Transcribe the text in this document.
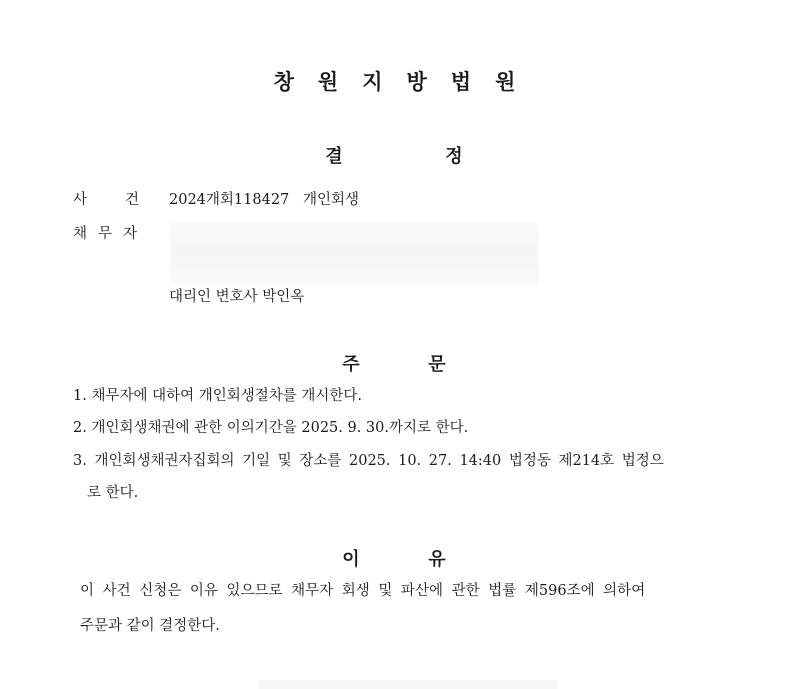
창 원 지 방 법 원
결	정
사	건 2024개회118427 개인회생
채 무 자
대리인 변호사 박인옥
주	문
1. 채무자에 대하여 개인회생절차를 개시한다.
2. 개인회생채권에 관한 이의기간을 2025. 9. 30.까지로 한다.
3. 개인회생채권자집회의 기일 및 장소를 2025. 10. 27. 14:40 법정동 제214호 법정으
로 한다.
이	유
이 사건 신청은 이유 있으므로 채무자 회생 및 파산에 관한 법률 제596조에 의하여
주문과 같이 결정한다.
